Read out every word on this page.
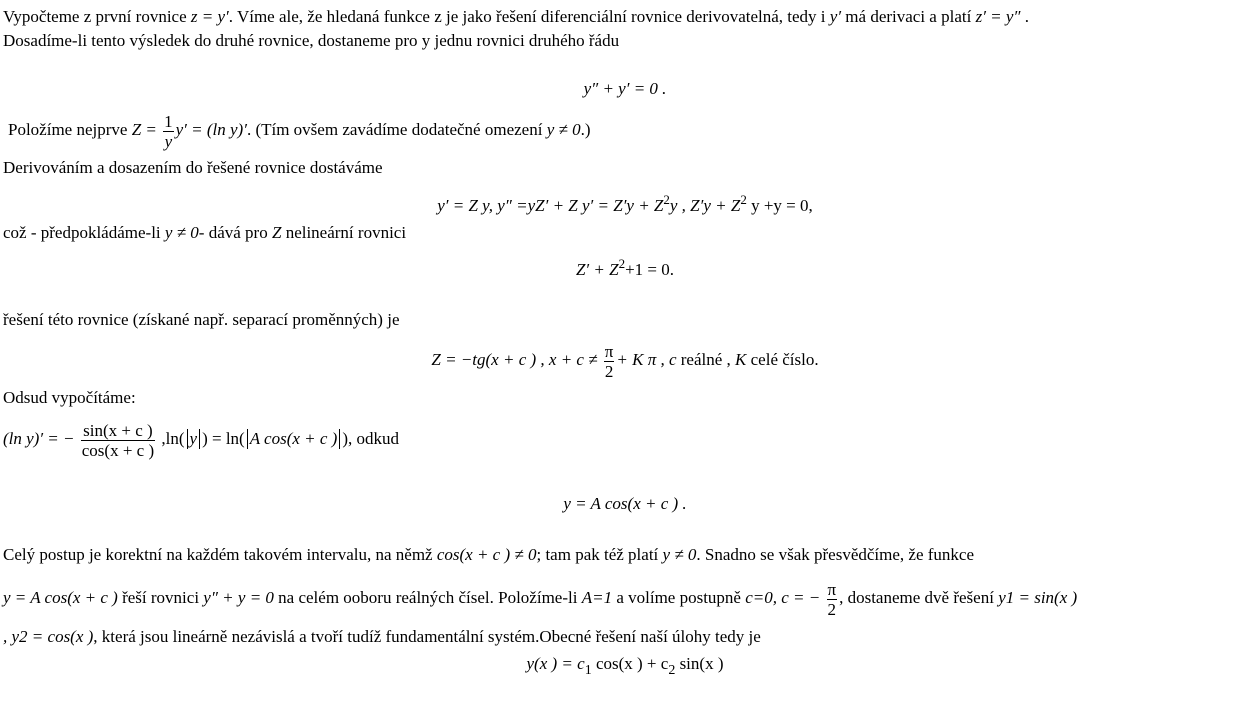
Vypočteme z první rovnice z = y′. Víme ale, že hledaná funkce z je jako řešení diferenciální rovnice derivovatelná, tedy i y′ má derivaci a platí z′ = y″ .
Dosadíme-li tento výsledek do druhé rovnice, dostaneme pro y jednu rovnici druhého řádu
y″ + y′ = 0 .
Položíme nejprve $Z = \frac{1}{y} y' = (\ln$ y)′. (Tím ovšem zavádíme dodatečné omezení y ≠ 0.)
Derivováním a dosazením do řešené rovnice dostáváme
y′ = Z y, y″ =yZ′ + Z $y' = Z'y + Z^2y$ , $Z'y + Z^2$ y +y = 0,
což - předpokládáme-li y ≠ 0- dává pro Z nelineární rovnici
$Z' + Z^2+1 = 0$.
řešení této rovnice (získané např. separací proměnných) je
Z = −tg(x + c ) , $x + c \ne \frac{\pi}{2} + K$ π , c reálné , K celé číslo.
Odsud vypočítáme:
(ln y)′ = − $\frac{\sin(x + c )}{\cos(x + c )} ,\ln$( y ) = ln( A cos(x + c ) ), odkud
y = A cos(x + c ) .
Celý postup je korektní na každém takovém intervalu, na němž cos(x + c ) ≠ 0; tam pak též platí y ≠ 0. Snadno se však přesvědčíme, že funkce
y = A cos(x + c ) řeší rovnici y″ + y = 0 na celém ooboru reálných čísel. Položíme-li A=1 a volíme postupně c=0, c = − $\frac{\pi}{2}$ , dostaneme dvě řešení y1 = sin(x )
, y2 = cos(x ), která jsou lineárně nezávislá a tvoří tudíž fundamentální systém.Obecné řešení naší úlohy tedy je
y(x ) = $c_1$ cos(x ) + $c_2$ sin(x )
